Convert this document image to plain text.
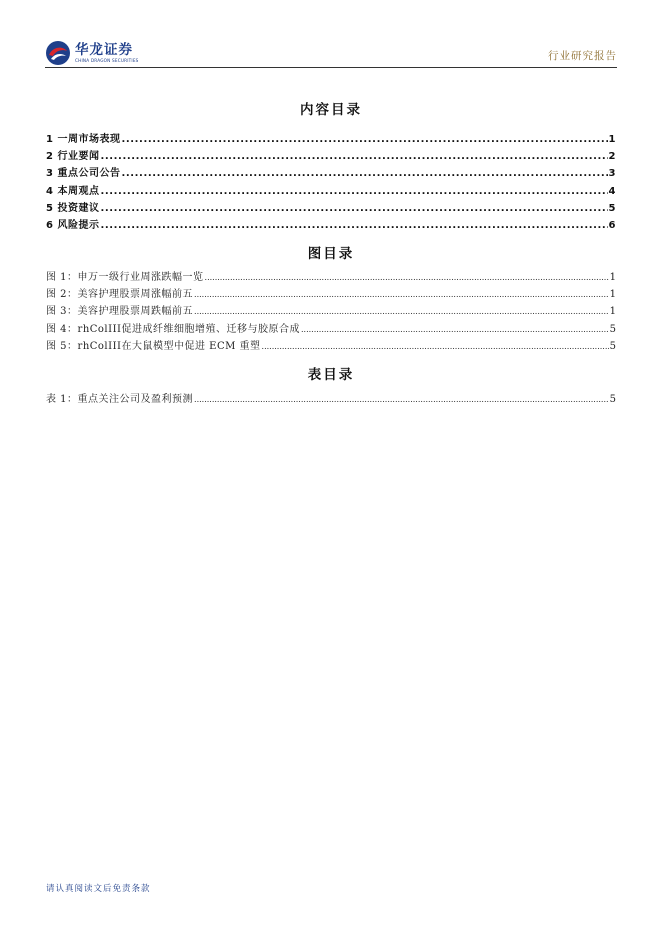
华龙证券
CHINA DRAGON SECURITIES	行业研究报告
内容目录
1 一周市场表现 .....	1
2 行业要闻 .....	2
3 重点公司公告 .....	3
4 本周观点 .....	4
5 投资建议 .....	5
6 风险提示 .....	6
图目录
图 1：申万一级行业周涨跌幅一览 .....	1
图 2：美容护理股票周涨幅前五 .....	1
图 3：美容护理股票周跌幅前五 .....	1
图 4：rhColIII促进成纤维细胞增殖、迁移与胶原合成 .....	5
图 5：rhColIII在大鼠模型中促进 ECM 重塑 .....	5
表目录
表 1：重点关注公司及盈利预测 .....	5
请认真阅读文后免责条款
